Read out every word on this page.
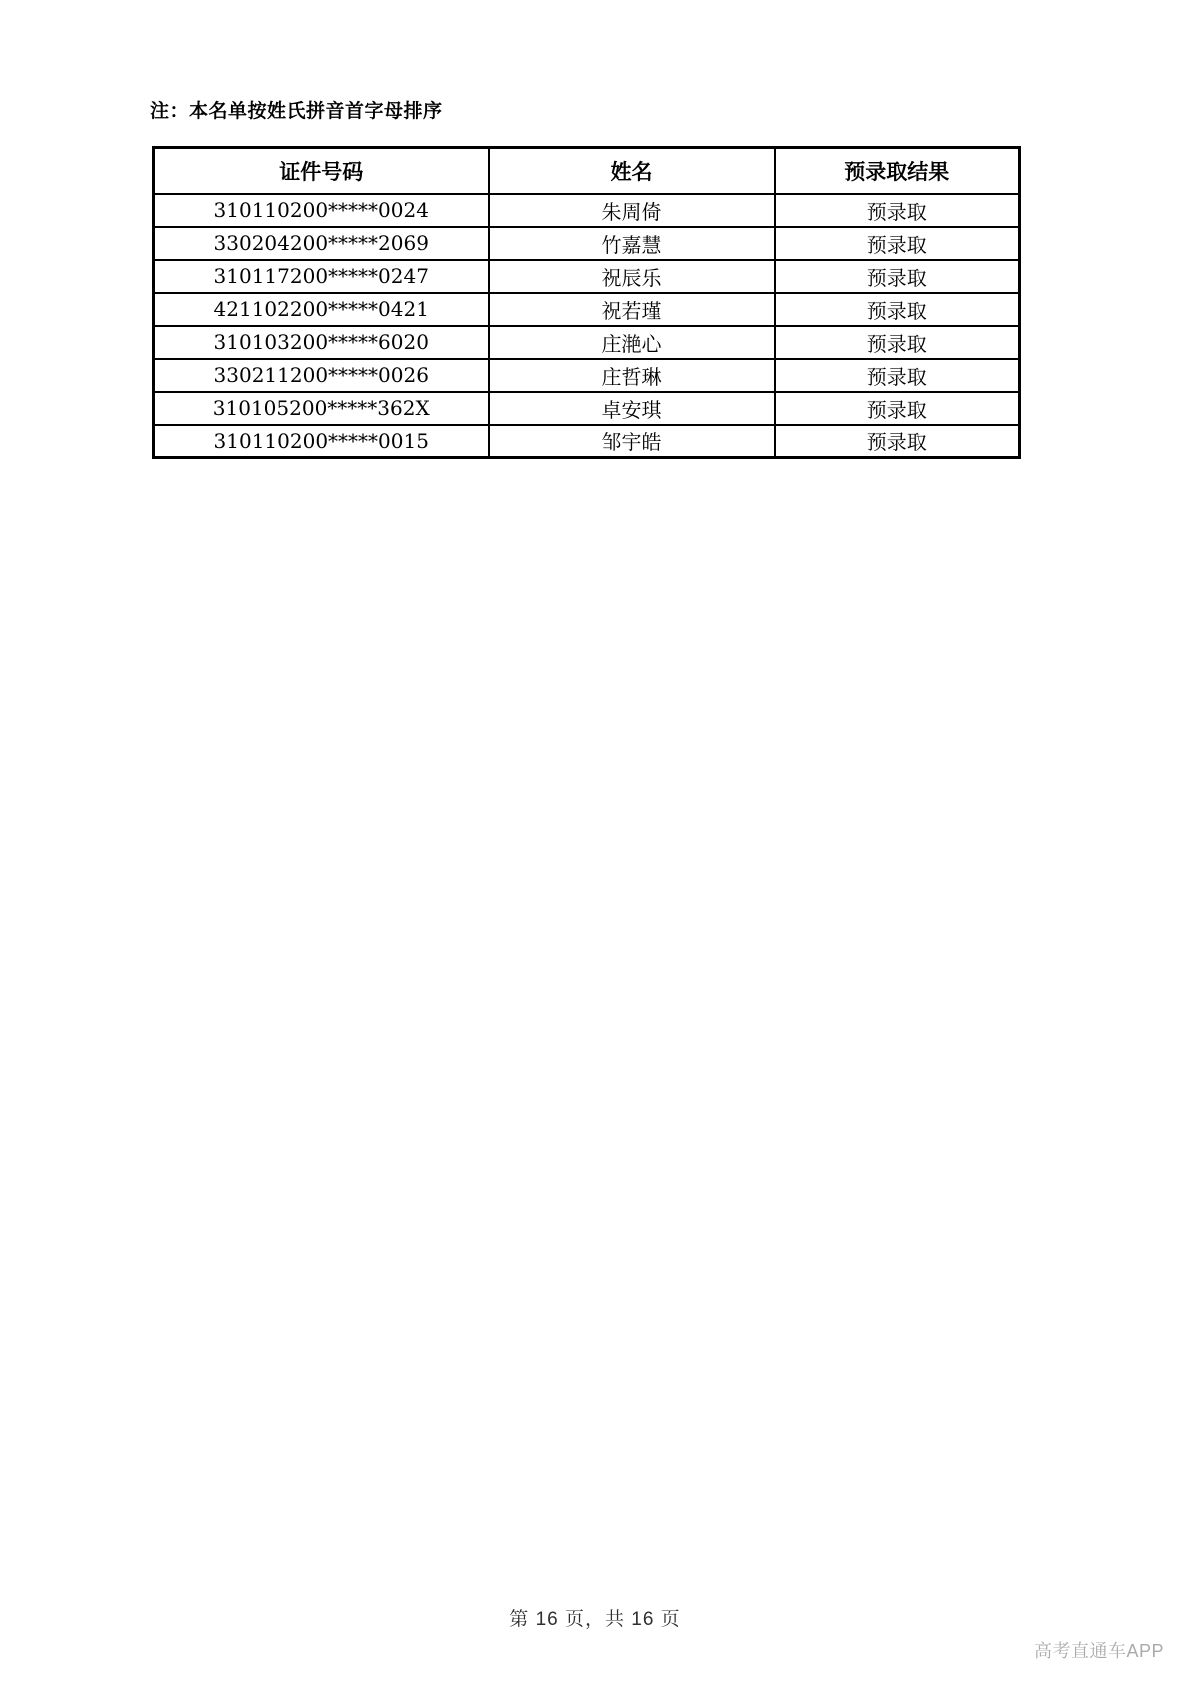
注：本名单按姓氏拼音首字母排序
证件号码	姓名	预录取结果
310110200*****0024	朱周倚	预录取
330204200*****2069	竹嘉慧	预录取
310117200*****0247	祝辰乐	预录取
421102200*****0421	祝若瑾	预录取
310103200*****6020	庄滟心	预录取
330211200*****0026	庄哲琳	预录取
310105200*****362X	卓安琪	预录取
310110200*****0015	邹宇皓	预录取
第 16 页，共 16 页
高考直通车APP
